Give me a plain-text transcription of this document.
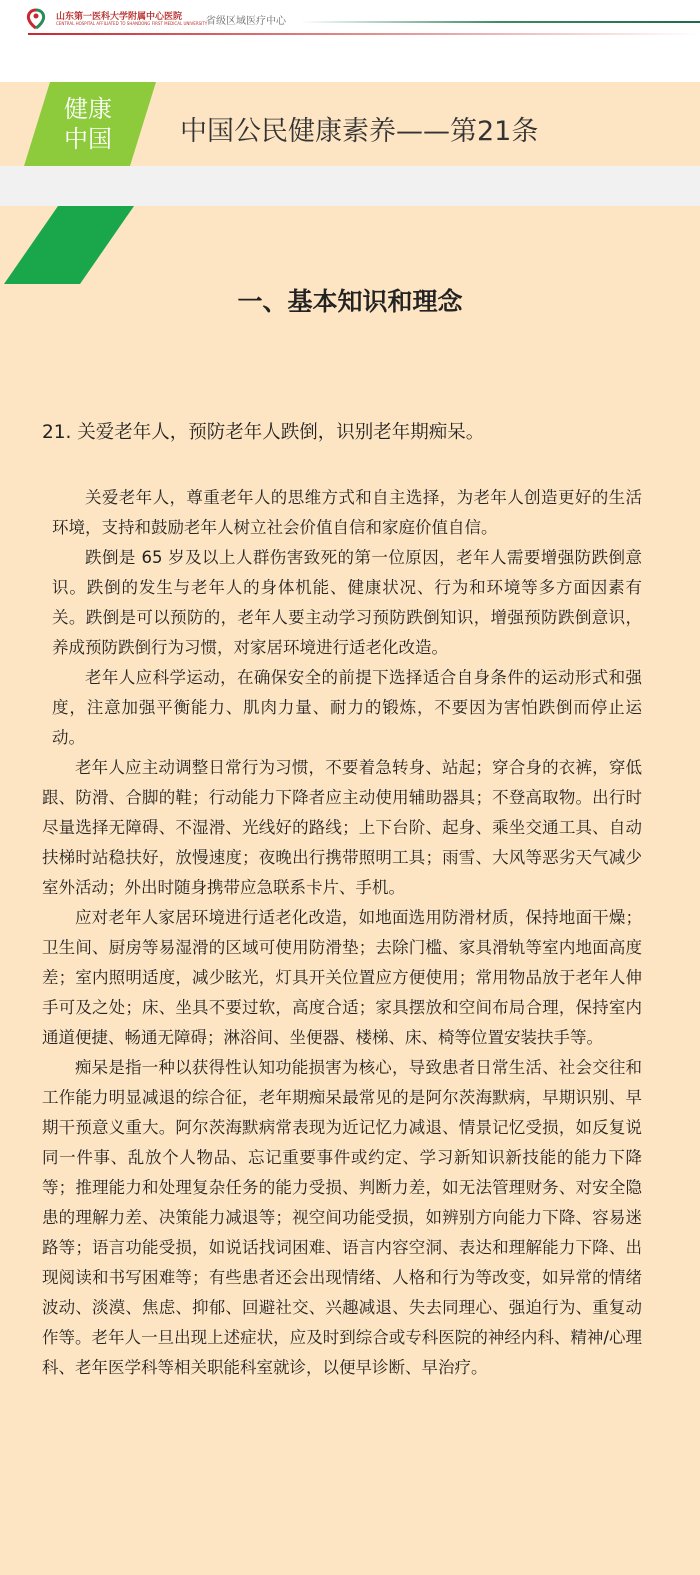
山东第一医科大学附属中心医院
CENTRAL HOSPITAL AFFILIATED TO SHANDONG FIRST MEDICAL UNIVERSITY
省级区域医疗中心
健康
中国	中国公民健康素养——第21条
一、基本知识和理念
21. 关爱老年人，预防老年人跌倒，识别老年期痴呆。

关爱老年人，尊重老年人的思维方式和自主选择，为老年人创造更好的生活环境，支持和鼓励老年人树立社会价值自信和家庭价值自信。

跌倒是 65 岁及以上人群伤害致死的第一位原因，老年人需要增强防跌倒意识。跌倒的发生与老年人的身体机能、健康状况、行为和环境等多方面因素有关。跌倒是可以预防的，老年人要主动学习预防跌倒知识，增强预防跌倒意识，养成预防跌倒行为习惯，对家居环境进行适老化改造。

老年人应科学运动，在确保安全的前提下选择适合自身条件的运动形式和强度，注意加强平衡能力、肌肉力量、耐力的锻炼，不要因为害怕跌倒而停止运动。

老年人应主动调整日常行为习惯，不要着急转身、站起；穿合身的衣裤，穿低跟、防滑、合脚的鞋；行动能力下降者应主动使用辅助器具；不登高取物。出行时尽量选择无障碍、不湿滑、光线好的路线；上下台阶、起身、乘坐交通工具、自动扶梯时站稳扶好，放慢速度；夜晚出行携带照明工具；雨雪、大风等恶劣天气减少室外活动；外出时随身携带应急联系卡片、手机。

应对老年人家居环境进行适老化改造，如地面选用防滑材质，保持地面干燥；卫生间、厨房等易湿滑的区域可使用防滑垫；去除门槛、家具滑轨等室内地面高度差；室内照明适度，减少眩光，灯具开关位置应方便使用；常用物品放于老年人伸手可及之处；床、坐具不要过软，高度合适；家具摆放和空间布局合理，保持室内通道便捷、畅通无障碍；淋浴间、坐便器、楼梯、床、椅等位置安装扶手等。

痴呆是指一种以获得性认知功能损害为核心，导致患者日常生活、社会交往和工作能力明显减退的综合征，老年期痴呆最常见的是阿尔茨海默病，早期识别、早期干预意义重大。阿尔茨海默病常表现为近记忆力减退、情景记忆受损，如反复说同一件事、乱放个人物品、忘记重要事件或约定、学习新知识新技能的能力下降等；推理能力和处理复杂任务的能力受损、判断力差，如无法管理财务、对安全隐患的理解力差、决策能力减退等；视空间功能受损，如辨别方向能力下降、容易迷路等；语言功能受损，如说话找词困难、语言内容空洞、表达和理解能力下降、出现阅读和书写困难等；有些患者还会出现情绪、人格和行为等改变，如异常的情绪波动、淡漠、焦虑、抑郁、回避社交、兴趣减退、失去同理心、强迫行为、重复动作等。老年人一旦出现上述症状，应及时到综合或专科医院的神经内科、精神/心理科、老年医学科等相关职能科室就诊，以便早诊断、早治疗。
